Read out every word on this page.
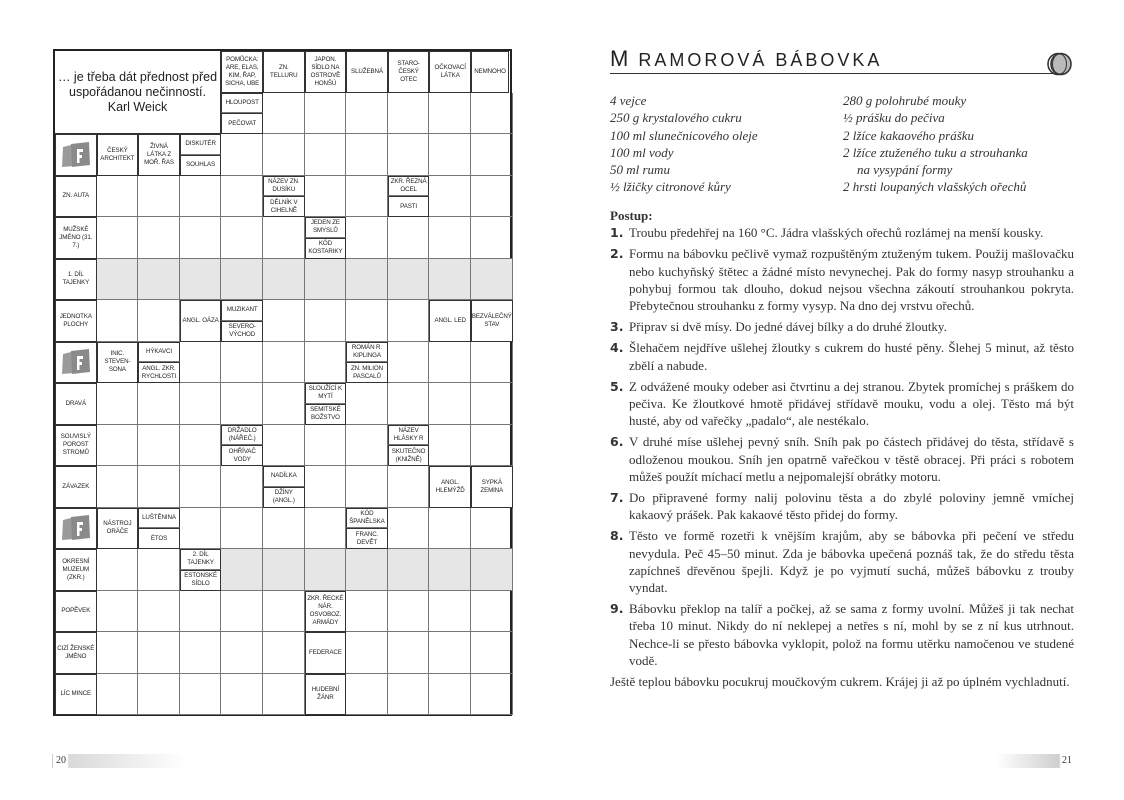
… je třeba dát přednost před
uspořádanou nečinností.
Karl Weick
POMŮCKA: ARE, ELAS, KIM, ŘAP, SICHA, UBE
HLOUPOST
PEČOVAT
ZN. TELLURU
JAPON. SÍDLO NA OSTROVĚ HONŠÚ
SLUŽEBNÁ
STARO-ČESKÝ OTEC
OČKOVACÍ LÁTKA
NEMNOHO
ČESKÝ ARCHITEKT
ŽIVNÁ LÁTKA Z MOŘ. ŘAS
DISKUTÉR
SOUHLAS
ZN. AUTA
NÁZEV ZN. DUSÍKU
DĚLNÍK V CIHELNĚ
ZKR. ŘEZNÁ OCEL
PASTI
MUŽSKÉ JMÉNO (31. 7.)
JEDEN ZE SMYSLŮ
KÓD KOSTARIKY
1. DÍL TAJENKY
JEDNOTKA PLOCHY
ANGL. OÁZA
MUZIKANT
SEVERO-VÝCHOD
ANGL. LED
BEZVÁLEČNÝ STAV
INIC. STEVEN-SONA
HÝKAVCI
ANGL. ZKR. RYCHLOSTI
ROMÁN R. KIPLINGA
ZN. MILION PASCALŮ
DRAVÁ
SLOUŽÍCÍ K MYTÍ
SEMITSKÉ BOŽSTVO
SOUVISLÝ POROST STROMŮ
DRŽADLO (NÁŘEČ.)
OHŘÍVAČ VODY
NÁZEV HLÁSKY R
SKUTEČNO (KNIŽNĚ)
ZÁVAZEK
NADÍLKA
DŽÍNY (ANGL.)
ANGL. HLEMÝŽĎ
SYPKÁ ZEMINA
NÁSTROJ ORÁČE
LUŠTĚNINA
ÉTOS
KÓD ŠPANĚLSKA
FRANC. DEVĚT
OKRESNÍ MUZEUM (ZKR.)
2. DÍL TAJENKY
ESTONSKÉ SÍDLO
POPĚVEK
ZKR. ŘECKÉ NÁR. OSVOBOZ. ARMÁDY
CIZÍ ŽENSKÉ JMÉNO
FEDERACE
LÍC MINCE
HUDEBNÍ ŽÁNR
20
M RAMOROVÁ BÁBOVKA
4 vejce
250 g krystalového cukru
100 ml slunečnicového oleje
100 ml vody
50 ml rumu
½ lžičky citronové kůry
280 g polohrubé mouky
½ prášku do pečiva
2 lžíce kakaového prášku
2 lžíce ztuženého tuku a strouhanka
na vysypání formy
2 hrsti loupaných vlašských ořechů
Postup:
1. Troubu předehřej na 160 °C. Jádra vlašských ořechů rozlámej na menší kousky.
2. Formu na bábovku pečlivě vymaž rozpuštěným ztuženým tukem. Použij mašlovačku nebo kuchyňský štětec a žádné místo nevynechej. Pak do formy nasyp strouhanku a pohybuj formou tak dlouho, dokud nejsou všechna zákoutí strouhankou pokryta. Přebytečnou strouhanku z formy vysyp. Na dno dej vrstvu ořechů.
3. Připrav si dvě mísy. Do jedné dávej bílky a do druhé žloutky.
4. Šlehačem nejdříve ušlehej žloutky s cukrem do husté pěny. Šlehej 5 minut, až těsto zbělí a nabude.
5. Z odvážené mouky odeber asi čtvrtinu a dej stranou. Zbytek promíchej s práškem do pečiva. Ke žloutkové hmotě přidávej střídavě mouku, vodu a olej. Těsto má být husté, aby od vařečky „padalo“, ale nestékalo.
6. V druhé míse ušlehej pevný sníh. Sníh pak po částech přidávej do těsta, střídavě s odloženou moukou. Sníh jen opatrně vařečkou v těstě obracej. Při práci s robotem můžeš použít míchací metlu a nejpomalejší obrátky motoru.
7. Do připravené formy nalij polovinu těsta a do zbylé poloviny jemně vmíchej kakaový prášek. Pak kakaové těsto přidej do formy.
8. Těsto ve formě rozetři k vnějším krajům, aby se bábovka při pečení ve středu nevydula. Peč 45–50 minut. Zda je bábovka upečená poznáš tak, že do středu těsta zapíchneš dřevěnou špejli. Když je po vyjmutí suchá, můžeš bábovku z trouby vyndat.
9. Bábovku překlop na talíř a počkej, až se sama z formy uvolní. Můžeš ji tak nechat třeba 10 minut. Nikdy do ní neklepej a netřes s ní, mohl by se z ní kus utrhnout. Nechce-li se přesto bábovka vyklopit, polož na formu utěrku namočenou ve studené vodě.
Ještě teplou bábovku pocukruj moučkovým cukrem. Krájej ji až po úplném vychladnutí.
21
